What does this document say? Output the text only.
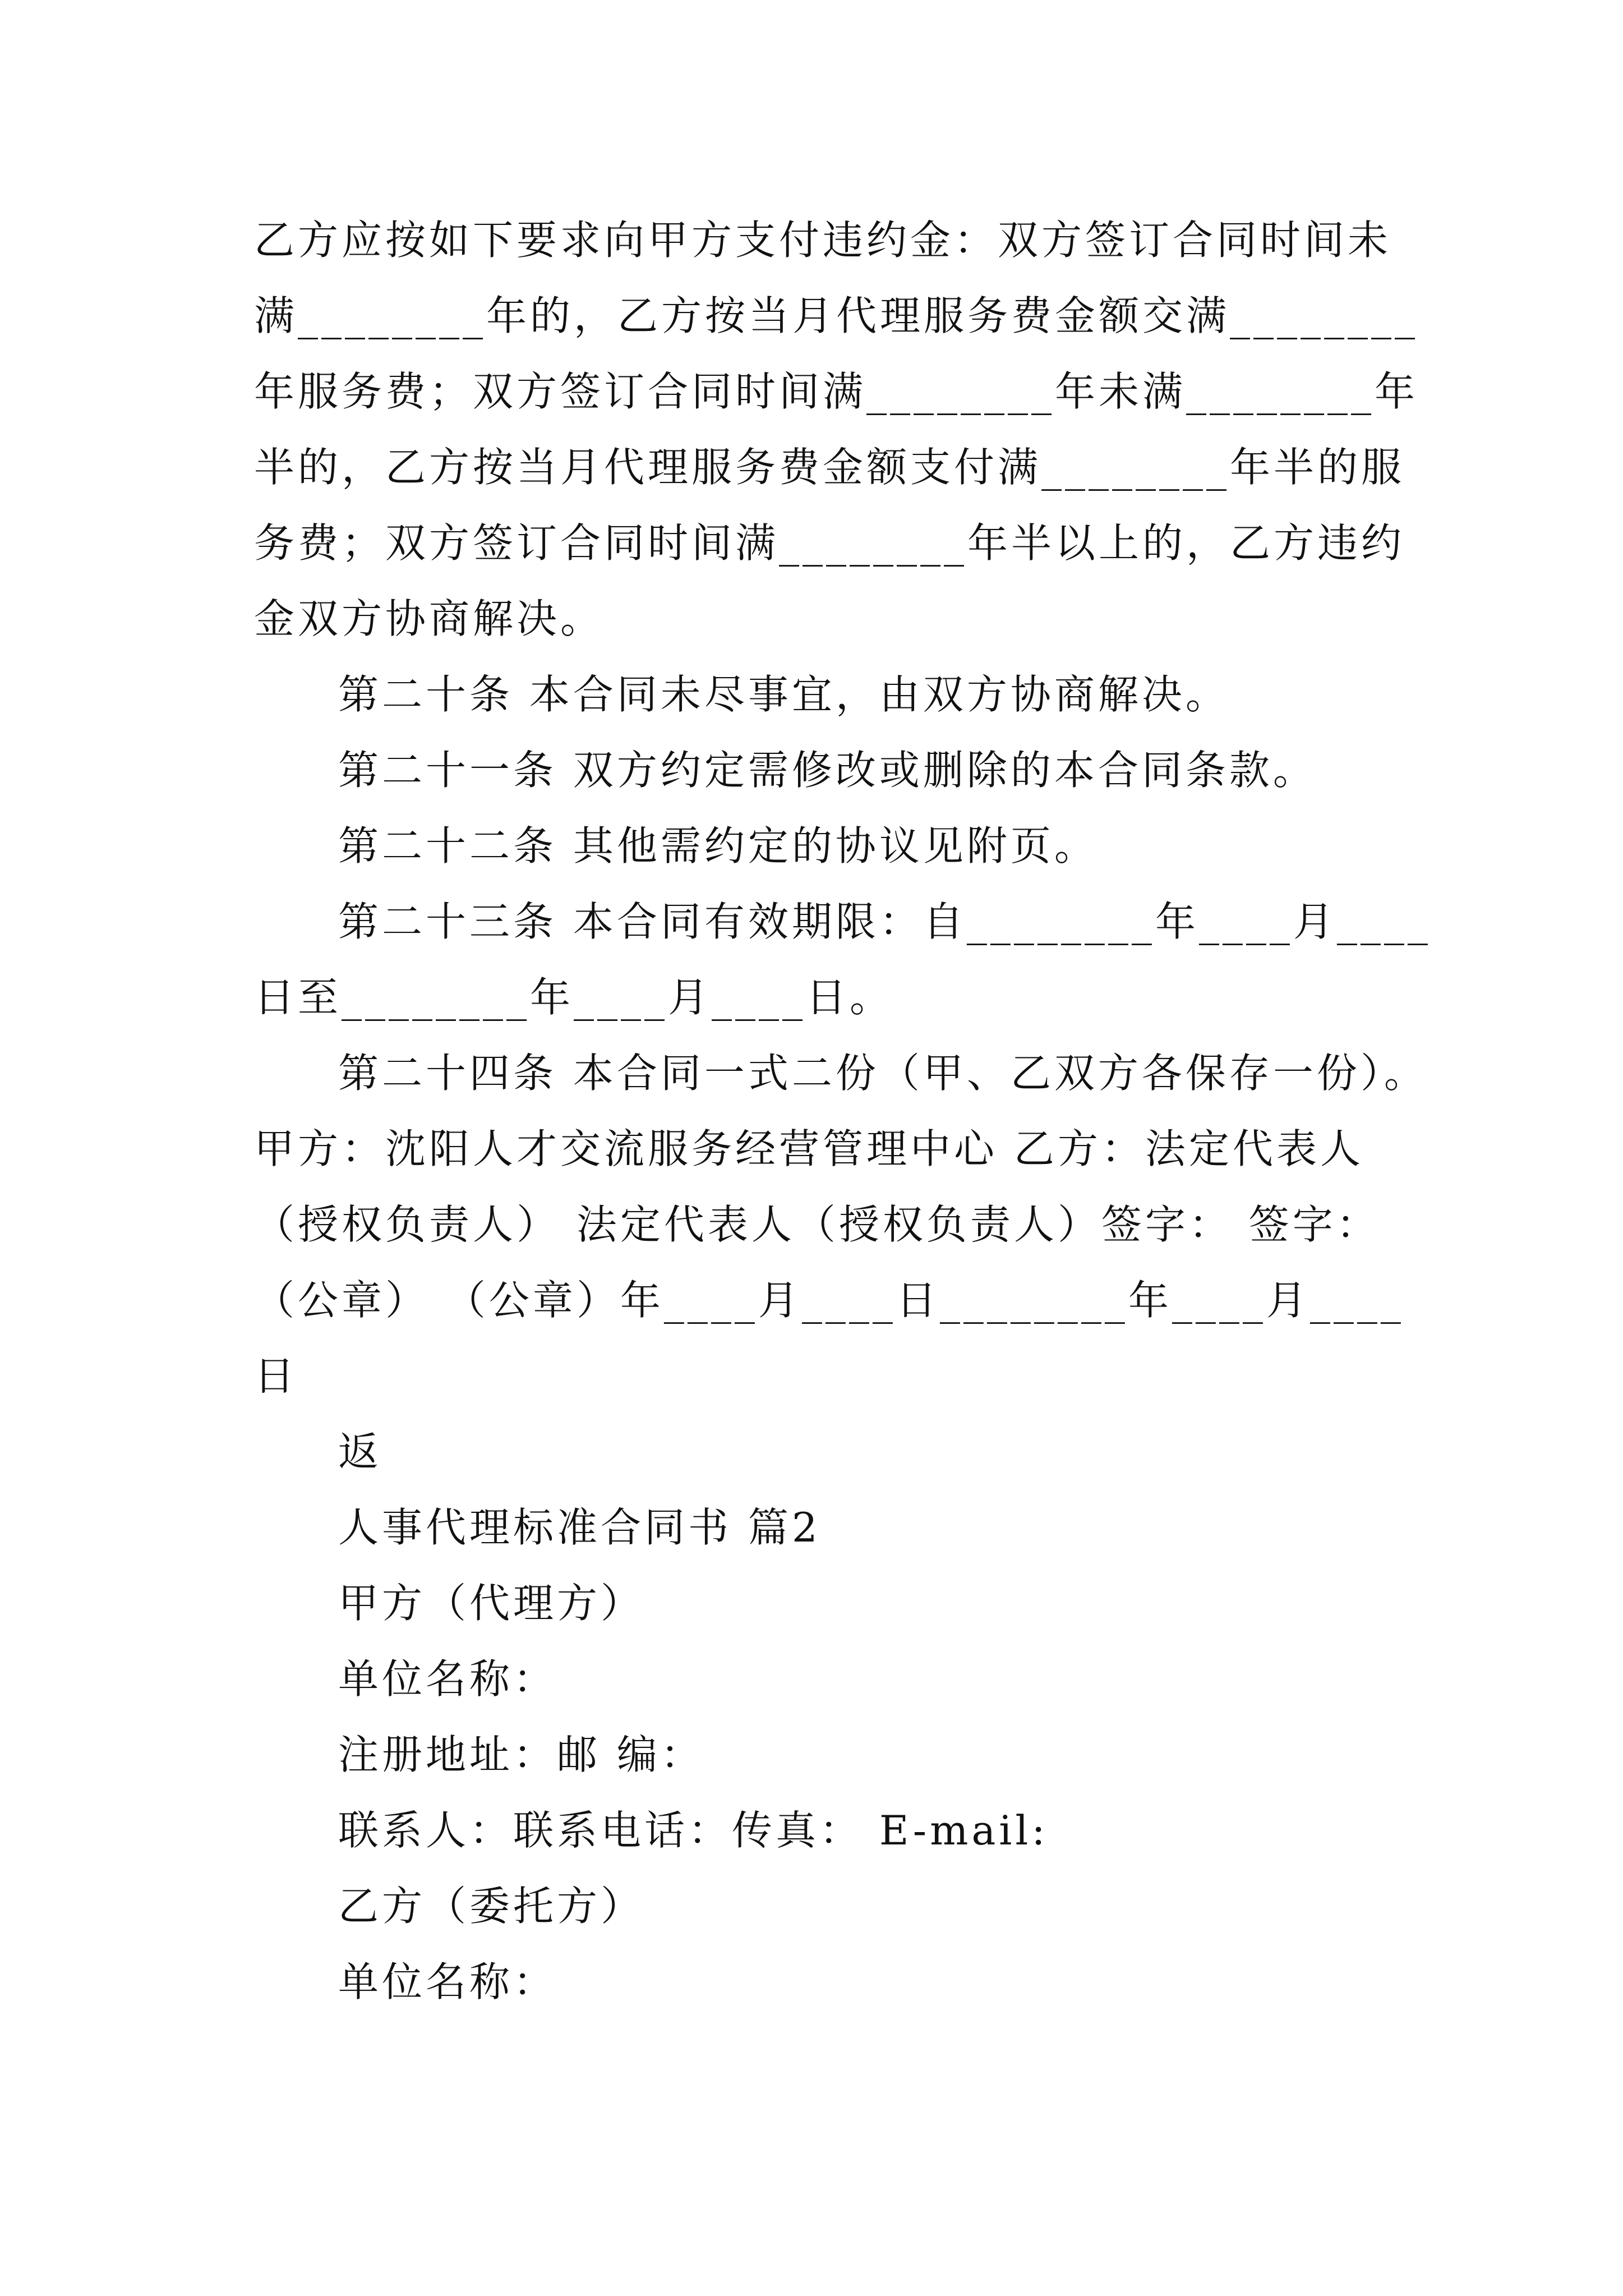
乙方应按如下要求向甲方支付违约金：双方签订合同时间未
满________年的，乙方按当月代理服务费金额交满________
年服务费；双方签订合同时间满________年未满________年
半的，乙方按当月代理服务费金额支付满________年半的服
务费；双方签订合同时间满________年半以上的，乙方违约
金双方协商解决。
第二十条 本合同未尽事宜，由双方协商解决。
第二十一条 双方约定需修改或删除的本合同条款。
第二十二条 其他需约定的协议见附页。
第二十三条 本合同有效期限：自________年____月____
日至________年____月____日。
第二十四条 本合同一式二份（甲、乙双方各保存一份）。
甲方：沈阳人才交流服务经营管理中心 乙方：法定代表人
（授权负责人） 法定代表人（授权负责人）签字： 签字：
（公章） （公章）年____月____日________年____月____
日
返
人事代理标准合同书 篇2
甲方（代理方）
单位名称：
注册地址：邮 编：
联系人：联系电话：传真： E-mail:
乙方（委托方）
单位名称：
